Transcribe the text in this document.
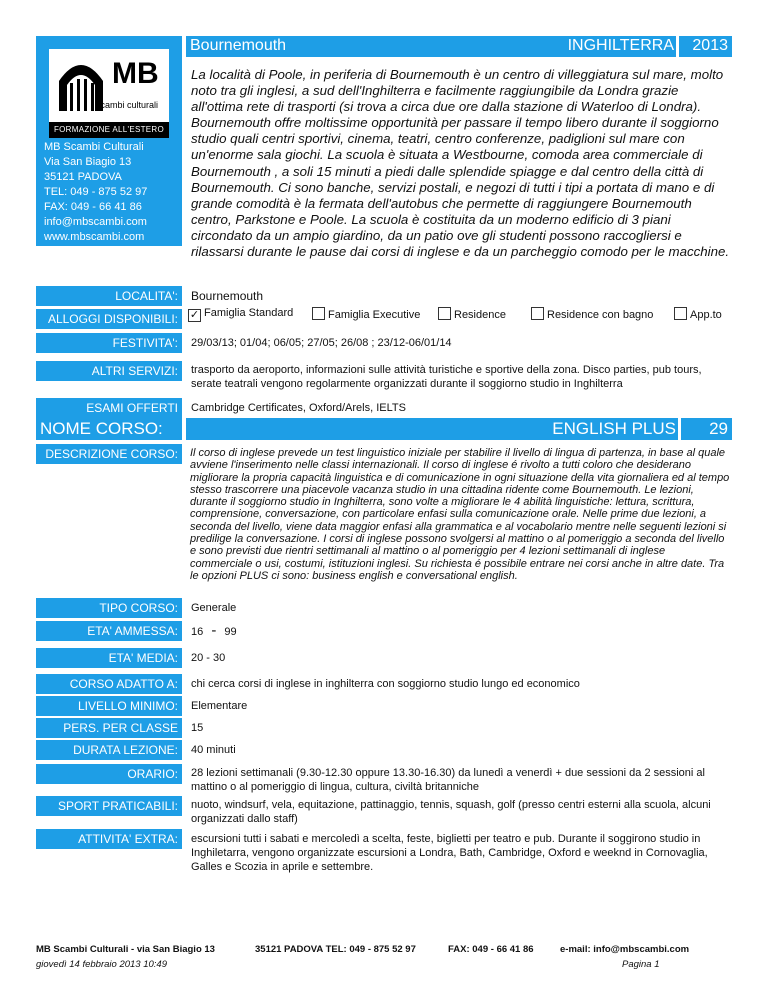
MB
scambi culturali
FORMAZIONE ALL'ESTERO
MB Scambi Culturali
Via San Biagio 13
35121 PADOVA
TEL: 049 - 875 52 97
FAX: 049 - 66 41 86
info@mbscambi.com
www.mbscambi.com
Bournemouth	INGHILTERRA 2013
La località di Poole, in periferia di Bournemouth è un centro di villeggiatura sul mare, molto noto tra gli inglesi, a sud dell'Inghilterra e facilmente raggiungibile da Londra grazie all'ottima rete di trasporti (si trova a circa due ore dalla stazione di Waterloo di Londra). Bournemouth offre moltissime opportunità per passare il tempo libero durante il soggiorno studio quali centri sportivi, cinema, teatri, centro conferenze, padiglioni sul mare con un'enorme sala giochi. La scuola è situata a Westbourne, comoda area commerciale di Bournemouth , a soli 15 minuti a piedi dalle splendide spiagge e dal centro della città di Bournemouth. Ci sono banche, servizi postali, e negozi di tutti i tipi a portata di mano e di grande comodità è la fermata dell'autobus che permette di raggiungere Bournemouth centro, Parkstone e Poole. La scuola è costituita da un moderno edificio di 3 piani circondato da un ampio giardino, da un patio ove gli studenti possono raccogliersi e rilassarsi durante le pause dai corsi di inglese e da un parcheggio comodo per le macchine.
LOCALITA':	Bournemouth
ALLOGGI DISPONIBILI:	✓ Famiglia Standard	Famiglia Executive	Residence	Residence con bagno	App.to
FESTIVITA':	29/03/13; 01/04; 06/05; 27/05; 26/08 ; 23/12-06/01/14
ALTRI SERVIZI:	trasporto da aeroporto, informazioni sulle attività turistiche e sportive della zona. Disco parties, pub tours, serate teatrali vengono regolarmente organizzati durante il soggiorno studio in Inghilterra
ESAMI OFFERTI	Cambridge Certificates, Oxford/Arels, IELTS
NOME CORSO:	ENGLISH PLUS 29
DESCRIZIONE CORSO:	Il corso di inglese prevede un test linguistico iniziale per stabilire il livello di lingua di partenza, in base al quale avviene l'inserimento nelle classi internazionali. Il corso di inglese é rivolto a tutti coloro che desiderano migliorare la propria capacità linguistica e di comunicazione in ogni situazione della vita giornaliera ed al tempo stesso trascorrere una piacevole vacanza studio in una cittadina ridente come Bournemouth. Le lezioni, durante il soggiorno studio in Inghilterra, sono volte a migliorare le 4 abilità linguistiche: lettura, scrittura, comprensione, conversazione, con particolare enfasi sulla comunicazione orale. Nelle prime due lezioni, a seconda del livello, viene data maggior enfasi alla grammatica e al vocabolario mentre nelle seguenti lezioni si predilige la conversazione. I corsi di inglese possono svolgersi al mattino o al pomeriggio a seconda del livello e sono previsti due rientri settimanali al mattino o al pomeriggio per 4 lezioni settimanali di inglese commerciale o usi, costumi, istituzioni inglesi. Su richiesta é possibile entrare nei corsi anche in altre date. Tra le opzioni PLUS ci sono: business english e conversational english.
TIPO CORSO:	Generale
ETA' AMMESSA:	16 - 99
ETA' MEDIA:	20 - 30
CORSO ADATTO A:	chi cerca corsi di inglese in inghilterra con soggiorno studio lungo ed economico
LIVELLO MINIMO:	Elementare
PERS. PER CLASSE	15
DURATA LEZIONE:	40 minuti
ORARIO:	28 lezioni settimanali (9.30-12.30 oppure 13.30-16.30) da lunedì a venerdì + due sessioni da 2 sessioni al mattino o al pomeriggio di lingua, cultura, civiltà britanniche
SPORT PRATICABILI:	nuoto, windsurf, vela, equitazione, pattinaggio, tennis, squash, golf (presso centri esterni alla scuola, alcuni organizzati dallo staff)
ATTIVITA' EXTRA:	escursioni tutti i sabati e mercoledì a scelta, feste, biglietti per teatro e pub. Durante il soggirono studio in Inghiletarra, vengono organizzate escursioni a Londra, Bath, Cambridge, Oxford e weeknd in Cornovaglia, Galles e Scozia in aprile e settembre.
MB Scambi Culturali - via San Biagio 13	35121 PADOVA TEL: 049 - 875 52 97	FAX: 049 - 66 41 86	e-mail: info@mbscambi.com
giovedì 14 febbraio 2013 10:49	Pagina 1
